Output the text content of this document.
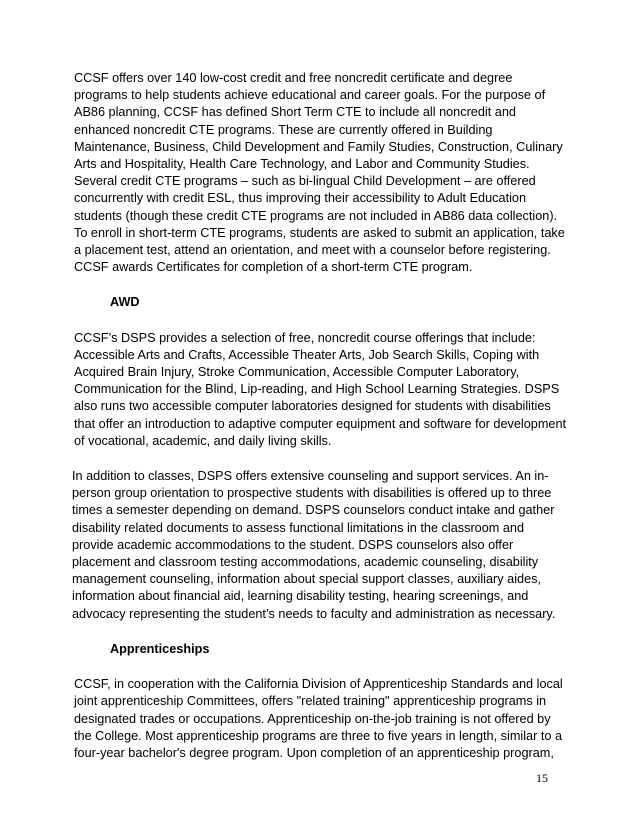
CCSF offers over 140 low-cost credit and free noncredit certificate and degree

programs to help students achieve educational and career goals. For the purpose of

AB86 planning, CCSF has defined Short Term CTE to include all noncredit and

enhanced noncredit CTE programs. These are currently offered in Building

Maintenance, Business, Child Development and Family Studies, Construction, Culinary

Arts and Hospitality, Health Care Technology, and Labor and Community Studies.

Several credit CTE programs – such as bi-lingual Child Development – are offered

concurrently with credit ESL, thus improving their accessibility to Adult Education

students (though these credit CTE programs are not included in AB86 data collection).

To enroll in short-term CTE programs, students are asked to submit an application, take

a placement test, attend an orientation, and meet with a counselor before registering.

CCSF awards Certificates for completion of a short-term CTE program.

AWD

CCSF’s DSPS provides a selection of free, noncredit course offerings that include:

Accessible Arts and Crafts, Accessible Theater Arts, Job Search Skills, Coping with

Acquired Brain Injury, Stroke Communication, Accessible Computer Laboratory,

Communication for the Blind, Lip-reading, and High School Learning Strategies. DSPS

also runs two accessible computer laboratories designed for students with disabilities

that offer an introduction to adaptive computer equipment and software for development

of vocational, academic, and daily living skills.

In addition to classes, DSPS offers extensive counseling and support services. An in-

person group orientation to prospective students with disabilities is offered up to three

times a semester depending on demand. DSPS counselors conduct intake and gather

disability related documents to assess functional limitations in the classroom and

provide academic accommodations to the student. DSPS counselors also offer

placement and classroom testing accommodations, academic counseling, disability

management counseling, information about special support classes, auxiliary aides,

information about financial aid, learning disability testing, hearing screenings, and

advocacy representing the student’s needs to faculty and administration as necessary.

Apprenticeships

CCSF, in cooperation with the California Division of Apprenticeship Standards and local

joint apprenticeship Committees, offers "related training" apprenticeship programs in

designated trades or occupations. Apprenticeship on-the-job training is not offered by

the College. Most apprenticeship programs are three to five years in length, similar to a

four-year bachelor's degree program. Upon completion of an apprenticeship program,

15
